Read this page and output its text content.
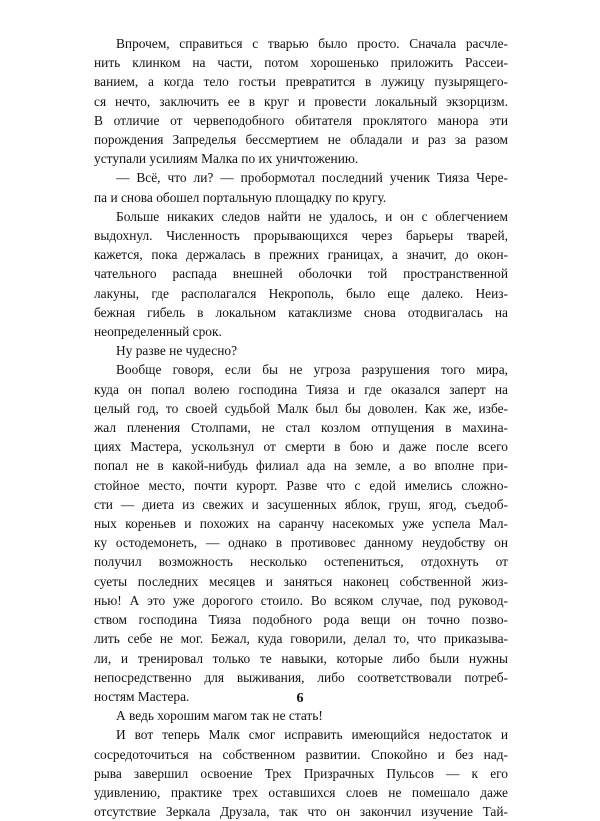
Впрочем, справиться с тварью было просто. Сначала расчле-
нить клинком на части, потом хорошенько приложить Рассеи-
ванием, а когда тело гостьи превратится в лужицу пузырящего-
ся нечто, заключить ее в круг и провести локальный экзорцизм.
В отличие от червеподобного обитателя проклятого манора эти
порождения Запределья бессмертием не обладали и раз за разом
уступали усилиям Малка по их уничтожению.
— Всё, что ли? — пробормотал последний ученик Тияза Чере-
па и снова обошел портальную площадку по кругу.
Больше никаких следов найти не удалось, и он с облегчением
выдохнул. Численность прорывающихся через барьеры тварей,
кажется, пока держалась в прежних границах, а значит, до окон-
чательного распада внешней оболочки той пространственной
лакуны, где располагался Некрополь, было еще далеко. Неиз-
бежная гибель в локальном катаклизме снова отодвигалась на
неопределенный срок.
Ну разве не чудесно?
Вообще говоря, если бы не угроза разрушения того мира,
куда он попал волею господина Тияза и где оказался заперт на
целый год, то своей судьбой Малк был бы доволен. Как же, избе-
жал пленения Столпами, не стал козлом отпущения в махина-
циях Мастера, ускользнул от смерти в бою и даже после всего
попал не в какой-нибудь филиал ада на земле, а во вполне при-
стойное место, почти курорт. Разве что с едой имелись сложно-
сти — диета из свежих и засушенных яблок, груш, ягод, съедоб-
ных кореньев и похожих на саранчу насекомых уже успела Мал-
ку остодемонеть, — однако в противовес данному неудобству он
получил возможность несколько остепениться, отдохнуть от
суеты последних месяцев и заняться наконец собственной жиз-
нью! А это уже дорогого стоило. Во всяком случае, под руковод-
ством господина Тияза подобного рода вещи он точно позво-
лить себе не мог. Бежал, куда говорили, делал то, что приказыва-
ли, и тренировал только те навыки, которые либо были нужны
непосредственно для выживания, либо соответствовали потреб-
ностям Мастера.
А ведь хорошим магом так не стать!
И вот теперь Малк смог исправить имеющийся недостаток и
сосредоточиться на собственном развитии. Спокойно и без над-
рыва завершил освоение Трех Призрачных Пульсов — к его
удивлению, практике трех оставшихся слоев не помешало даже
отсутствие Зеркала Друзала, так что он закончил изучение Тай-
6
